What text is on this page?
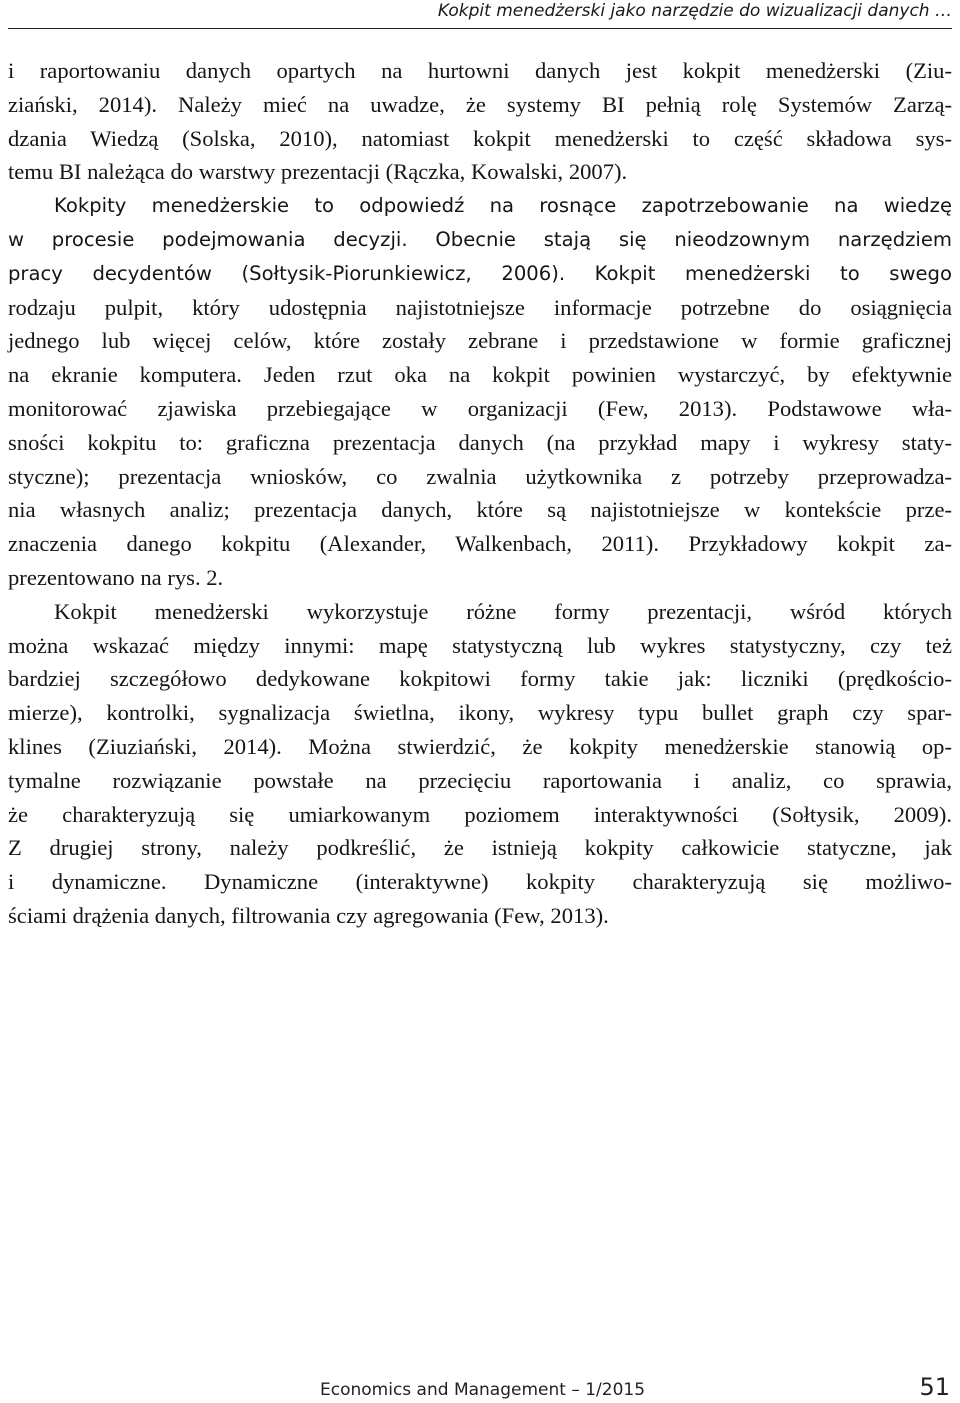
Kokpit menedżerski jako narzędzie do wizualizacji danych …
i raportowaniu danych opartych na hurtowni danych jest kokpit menedżerski (Ziu-
ziański, 2014). Należy mieć na uwadze, że systemy BI pełnią rolę Systemów Zarzą-
dzania Wiedzą (Solska, 2010), natomiast kokpit menedżerski to część składowa sys-
temu BI należąca do warstwy prezentacji (Rączka, Kowalski, 2007).
Kokpity menedżerskie to odpowiedź na rosnące zapotrzebowanie na wiedzę
w procesie podejmowania decyzji. Obecnie stają się nieodzownym narzędziem
pracy decydentów (Sołtysik-Piorunkiewicz, 2006). Kokpit menedżerski to swego
rodzaju pulpit, który udostępnia najistotniejsze informacje potrzebne do osiągnięcia
jednego lub więcej celów, które zostały zebrane i przedstawione w formie graficznej
na ekranie komputera. Jeden rzut oka na kokpit powinien wystarczyć, by efektywnie
monitorować zjawiska przebiegające w organizacji (Few, 2013). Podstawowe wła-
sności kokpitu to: graficzna prezentacja danych (na przykład mapy i wykresy staty-
styczne); prezentacja wniosków, co zwalnia użytkownika z potrzeby przeprowadza-
nia własnych analiz; prezentacja danych, które są najistotniejsze w kontekście prze-
znaczenia danego kokpitu (Alexander, Walkenbach, 2011). Przykładowy kokpit za-
prezentowano na rys. 2.
Kokpit menedżerski wykorzystuje różne formy prezentacji, wśród których
można wskazać między innymi: mapę statystyczną lub wykres statystyczny, czy też
bardziej szczegółowo dedykowane kokpitowi formy takie jak: liczniki (prędkościo-
mierze), kontrolki, sygnalizacja świetlna, ikony, wykresy typu bullet graph czy spar-
klines (Ziuziański, 2014). Można stwierdzić, że kokpity menedżerskie stanowią op-
tymalne rozwiązanie powstałe na przecięciu raportowania i analiz, co sprawia,
że charakteryzują się umiarkowanym poziomem interaktywności (Sołtysik, 2009).
Z drugiej strony, należy podkreślić, że istnieją kokpity całkowicie statyczne, jak
i dynamiczne. Dynamiczne (interaktywne) kokpity charakteryzują się możliwo-
ściami drążenia danych, filtrowania czy agregowania (Few, 2013).
Economics and Management – 1/2015	51
